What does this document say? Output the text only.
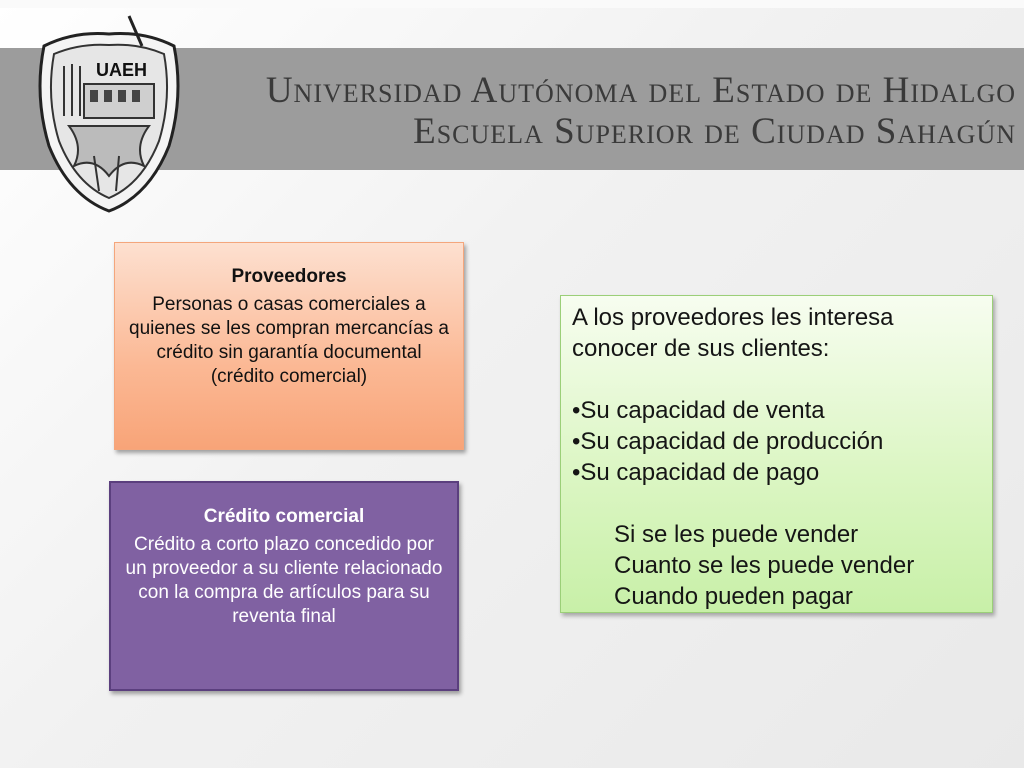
UAEH	Universidad Autónoma del Estado de Hidalgo
Escuela Superior de Ciudad Sahagún
Proveedores
Personas o casas comerciales a quienes se les compran mercancías a crédito sin garantía documental (crédito comercial)
Crédito comercial
Crédito a corto plazo concedido por un proveedor a su cliente relacionado con la compra de artículos para su reventa final

A los proveedores les interesa conocer de sus clientes:

• Su capacidad de venta
• Su capacidad de producción
• Su capacidad de pago

Si se les puede vender

Cuanto se les puede vender

Cuando pueden pagar
